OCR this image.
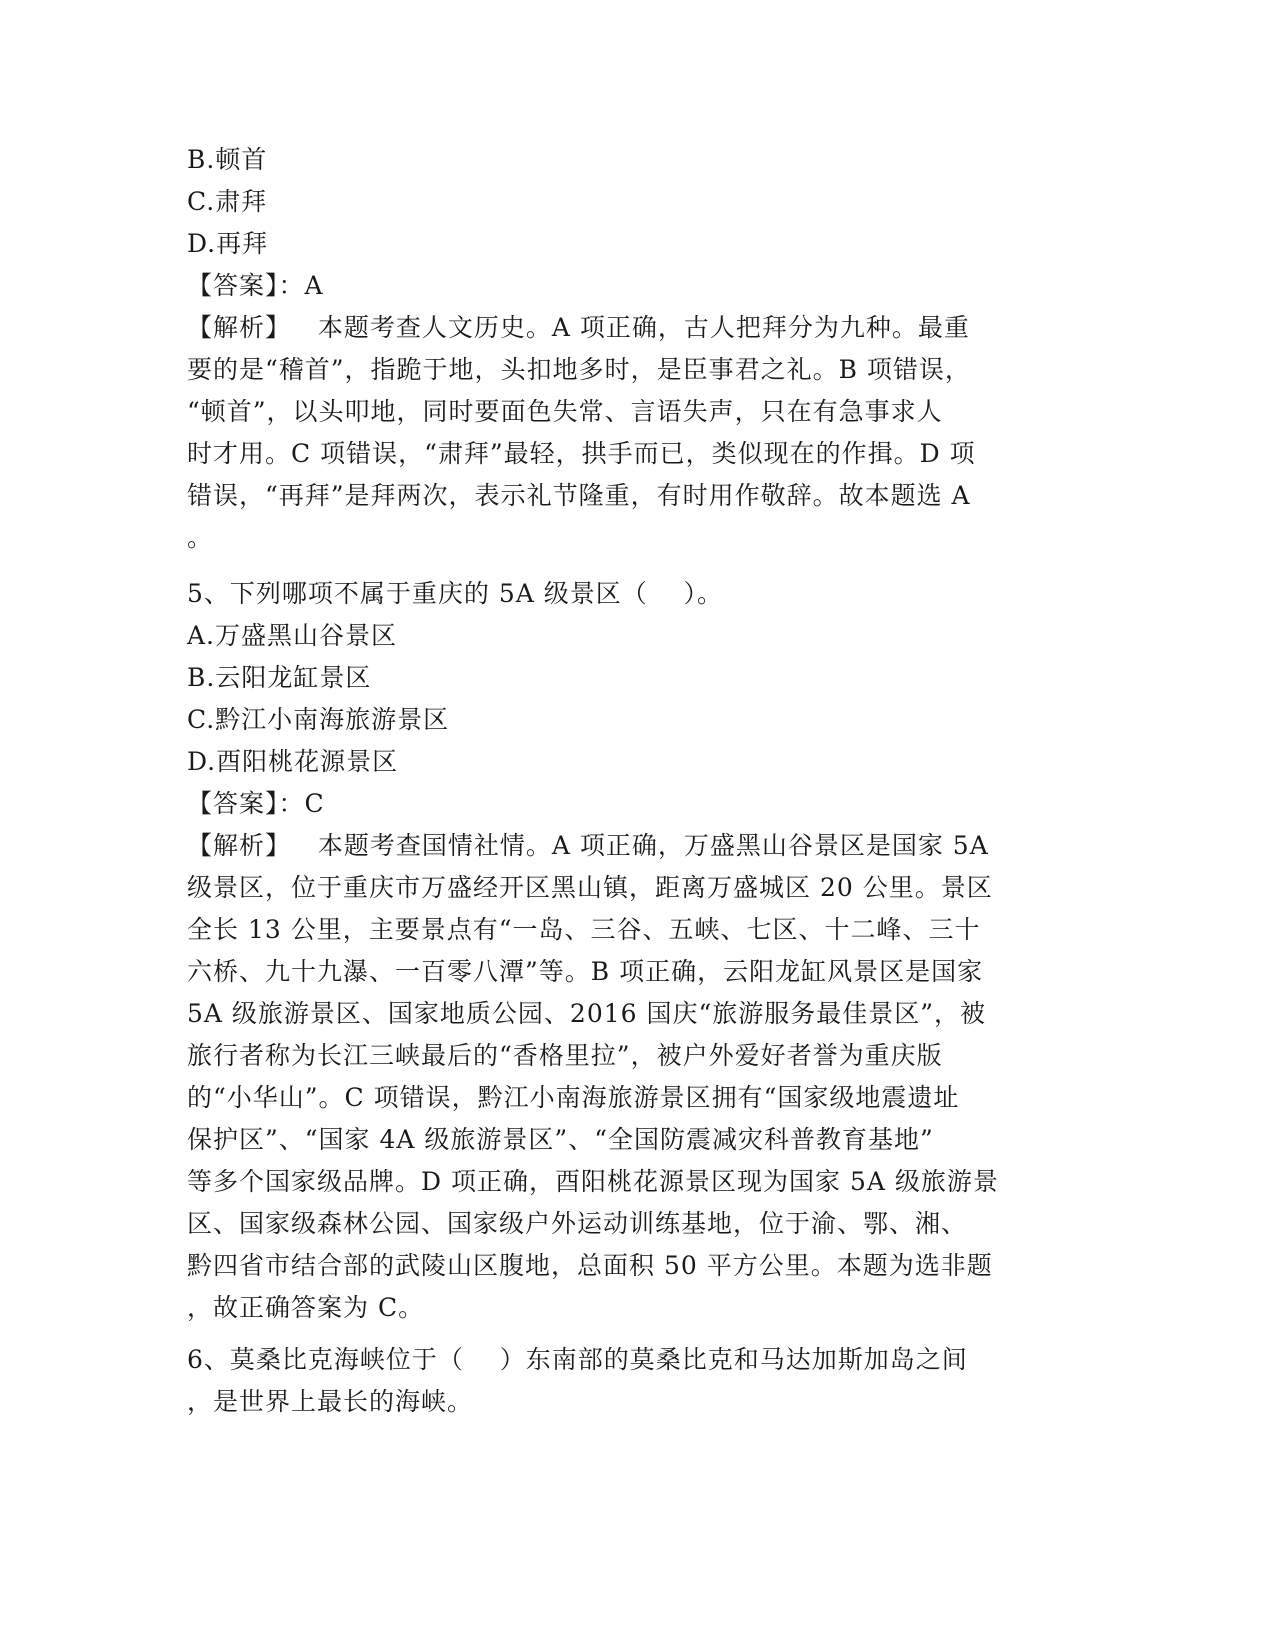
B.顿首
C.肃拜
D.再拜
【答案】：A
【解析】   本题考查人文历史。A 项正确，古人把拜分为九种。最重
要的是“稽首”，指跪于地，头扣地多时，是臣事君之礼。B 项错误，
“顿首”，以头叩地，同时要面色失常、言语失声，只在有急事求人
时才用。C 项错误，“肃拜”最轻，拱手而已，类似现在的作揖。D 项
错误，“再拜”是拜两次，表示礼节隆重，有时用作敬辞。故本题选 A
。
5、下列哪项不属于重庆的 5A 级景区（    ）。
A.万盛黑山谷景区
B.云阳龙缸景区
C.黔江小南海旅游景区
D.酉阳桃花源景区
【答案】：C
【解析】   本题考查国情社情。A 项正确，万盛黑山谷景区是国家 5A
级景区，位于重庆市万盛经开区黑山镇，距离万盛城区 20 公里。景区
全长 13 公里，主要景点有“一岛、三谷、五峡、七区、十二峰、三十
六桥、九十九瀑、一百零八潭”等。B 项正确，云阳龙缸风景区是国家
5A 级旅游景区、国家地质公园、2016 国庆“旅游服务最佳景区”，被
旅行者称为长江三峡最后的“香格里拉”，被户外爱好者誉为重庆版
的“小华山”。C 项错误，黔江小南海旅游景区拥有“国家级地震遗址
保护区”、“国家 4A 级旅游景区”、“全国防震减灾科普教育基地”
等多个国家级品牌。D 项正确，酉阳桃花源景区现为国家 5A 级旅游景
区、国家级森林公园、国家级户外运动训练基地，位于渝、鄂、湘、
黔四省市结合部的武陵山区腹地，总面积 50 平方公里。本题为选非题
，故正确答案为 C。
6、莫桑比克海峡位于（    ）东南部的莫桑比克和马达加斯加岛之间
，是世界上最长的海峡。
